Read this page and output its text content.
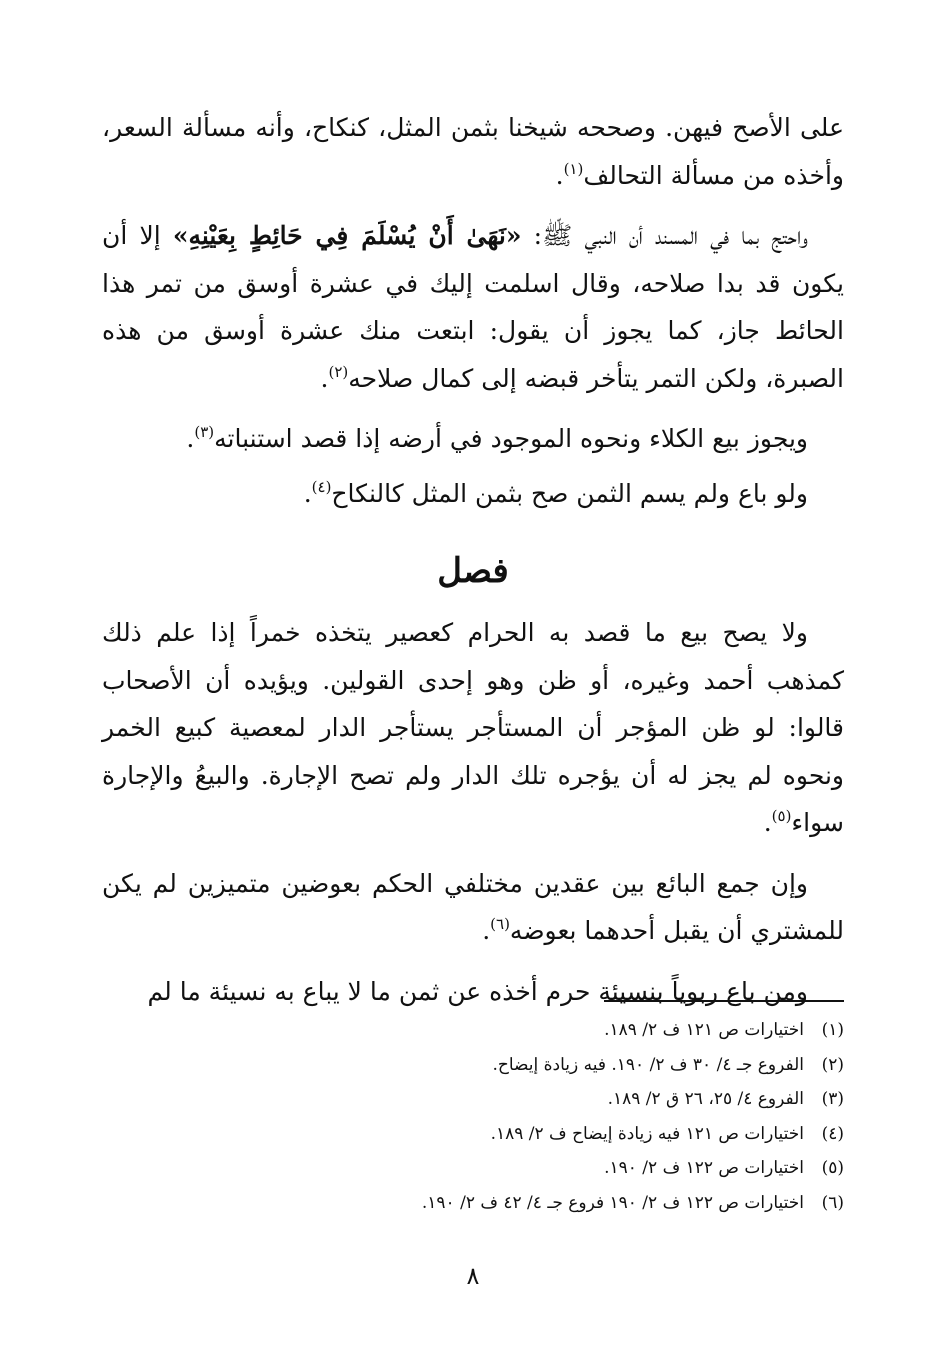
على الأصح فيهن. وصححه شيخنا بثمن المثل، كنكاح، وأنه مسألة السعر، وأخذه من مسألة التحالف$^{(١)}$.

واحتج بما في المسند أن النبي ﷺ: «نَهَىٰ أَنْ يُسْلَمَ فِي حَائِطٍ بِعَيْنِهِ» إلا أن يكون قد بدا صلاحه، وقال اسلمت إليك في عشرة أوسق من تمر هذا الحائط جاز، كما يجوز أن يقول: ابتعت منك عشرة أوسق من هذه الصبرة، ولكن التمر يتأخر قبضه إلى كمال صلاحه$^{(٢)}$.

ويجوز بيع الكلاء ونحوه الموجود في أرضه إذا قصد استنباته$^{(٣)}$.

ولو باع ولم يسم الثمن صح بثمن المثل كالنكاح$^{(٤)}$.

فصل

ولا يصح بيع ما قصد به الحرام كعصير يتخذه خمراً إذا علم ذلك كمذهب أحمد وغيره، أو ظن وهو إحدى القولين. ويؤيده أن الأصحاب قالوا: لو ظن المؤجر أن المستأجر يستأجر الدار لمعصية كبيع الخمر ونحوه لم يجز له أن يؤجره تلك الدار ولم تصح الإجارة. والبيعُ والإجارة سواء$^{(٥)}$.

وإن جمع البائع بين عقدين مختلفي الحكم بعوضين متميزين لم يكن للمشتري أن يقبل أحدهما بعوضه$^{(٦)}$.

ومن باع ربوياً بنسيئة حرم أخذه عن ثمن ما لا يباع به نسيئة ما لم

(١)
اختيارات ص ١٢١ ف ٢/ ١٨٩.
(٢)
الفروع جـ ٤/ ٣٠ ف ٢/ ١٩٠. فيه زيادة إيضاح.
(٣)
الفروع ٤/ ٢٥، ٢٦ ق ٢/ ١٨٩.
(٤)
اختيارات ص ١٢١ فيه زيادة إيضاح ف ٢/ ١٨٩.
(٥)
اختيارات ص ١٢٢ ف ٢/ ١٩٠.
(٦)
اختيارات ص ١٢٢ ف ٢/ ١٩٠ فروع جـ ٤/ ٤٢ ف ٢/ ١٩٠.
٨
